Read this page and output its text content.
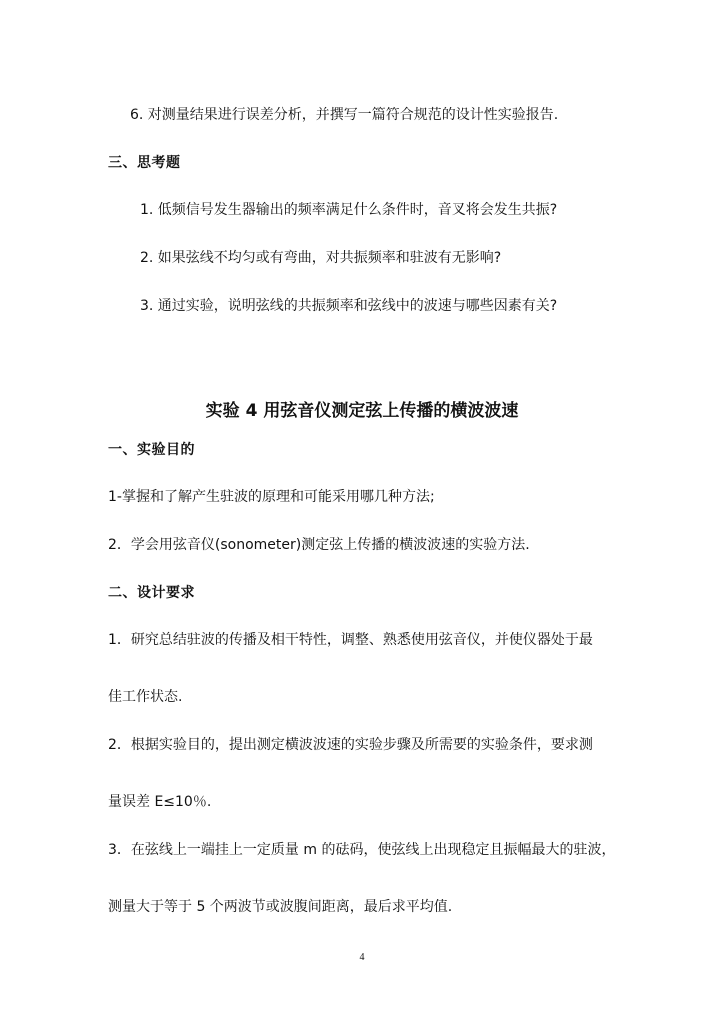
6. 对测量结果进行误差分析，并撰写一篇符合规范的设计性实验报告.
三、思考题
1. 低频信号发生器输出的频率满足什么条件时，音叉将会发生共振?
2. 如果弦线不均匀或有弯曲，对共振频率和驻波有无影响?
3. 通过实验，说明弦线的共振频率和弦线中的波速与哪些因素有关?
实验 4 用弦音仪测定弦上传播的横波波速
一、实验目的
1-掌握和了解产生驻波的原理和可能采用哪几种方法;
2．学会用弦音仪(sonometer)测定弦上传播的横波波速的实验方法.
二、设计要求
1．研究总结驻波的传播及相干特性，调整、熟悉使用弦音仪，并使仪器处于最
佳工作状态.
2．根据实验目的，提出测定横波波速的实验步骤及所需要的实验条件，要求测
量误差 E≤10％.
3．在弦线上一端挂上一定质量 m 的砝码，使弦线上出现稳定且振幅最大的驻波，
测量大于等于 5 个两波节或波腹间距离，最后求平均值.
4
